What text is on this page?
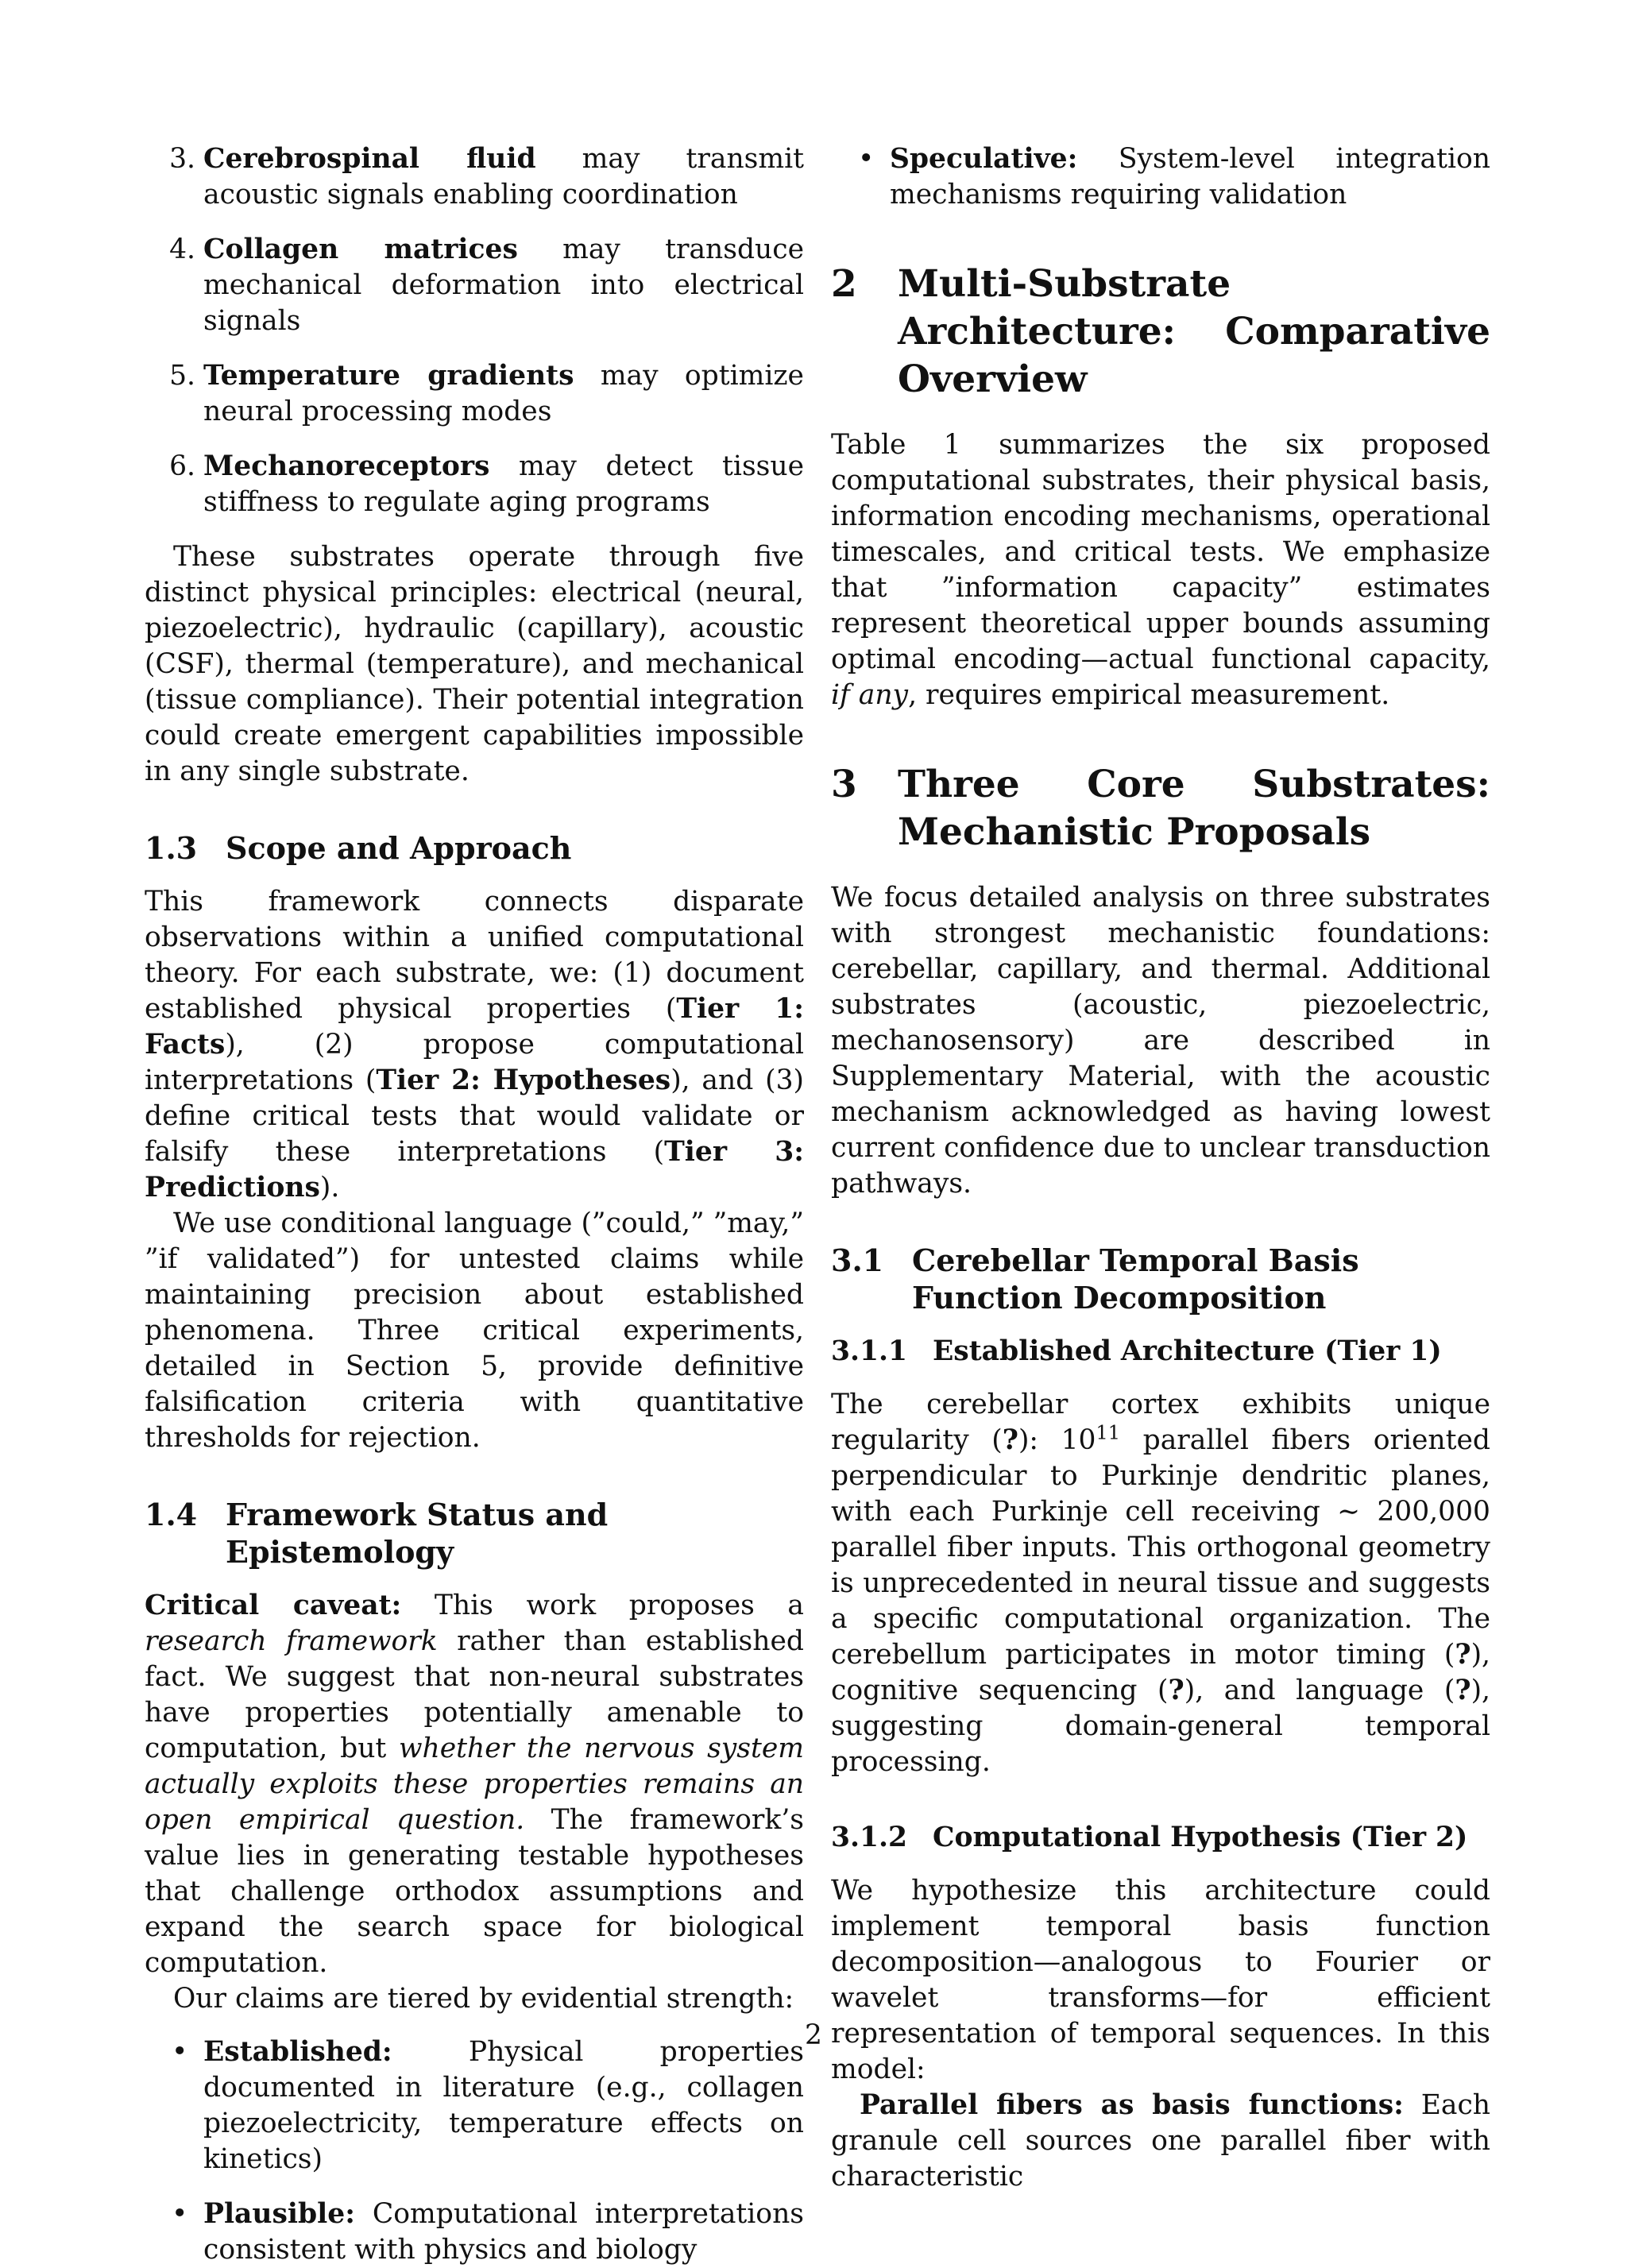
3. Cerebrospinal fluid may transmit acoustic signals enabling coordination
4. Collagen matrices may transduce mechanical deformation into electrical signals
5. Temperature gradients may optimize neural processing modes
6. Mechanoreceptors may detect tissue stiffness to regulate aging programs

These substrates operate through five distinct physical principles: electrical (neural, piezoelectric), hydraulic (capillary), acoustic (CSF), thermal (temperature), and mechanical (tissue compliance). Their potential integration could create emergent capabilities impossible in any single substrate.

1.3 Scope and Approach

This framework connects disparate observations within a unified computational theory. For each substrate, we: (1) document established physical properties (Tier 1: Facts), (2) propose computational interpretations (Tier 2: Hypotheses), and (3) define critical tests that would validate or falsify these interpretations (Tier 3: Predictions).

We use conditional language (”could,” ”may,” ”if validated”) for untested claims while maintaining precision about established phenomena. Three critical experiments, detailed in Section 5, provide definitive falsification criteria with quantitative thresholds for rejection.

1.4 Framework Status and Epistemology

Critical caveat: This work proposes a research framework rather than established fact. We suggest that non-neural substrates have properties potentially amenable to computation, but whether the nervous system actually exploits these properties remains an open empirical question. The framework’s value lies in generating testable hypotheses that challenge orthodox assumptions and expand the search space for biological computation.

Our claims are tiered by evidential strength:

• Established: Physical properties documented in literature (e.g., collagen piezoelectricity, temperature effects on kinetics)
• Plausible: Computational interpretations consistent with physics and biology
• Speculative: System-level integration mechanisms requiring validation
2	Multi-Substrate Architecture: Comparative Overview

Table 1 summarizes the six proposed computational substrates, their physical basis, information encoding mechanisms, operational timescales, and critical tests. We emphasize that ”information capacity” estimates represent theoretical upper bounds assuming optimal encoding—actual functional capacity, if any, requires empirical measurement.

3	Three Core Substrates: Mechanistic Proposals

We focus detailed analysis on three substrates with strongest mechanistic foundations: cerebellar, capillary, and thermal. Additional substrates (acoustic, piezoelectric, mechanosensory) are described in Supplementary Material, with the acoustic mechanism acknowledged as having lowest current confidence due to unclear transduction pathways.

3.1 Cerebellar Temporal Basis Function Decomposition
3.1.1 Established Architecture (Tier 1)

The cerebellar cortex exhibits unique regularity (?): $10^{11}$ parallel fibers oriented perpendicular to Purkinje dendritic planes, with each Purkinje cell receiving ∼ 200,000 parallel fiber inputs. This orthogonal geometry is unprecedented in neural tissue and suggests a specific computational organization. The cerebellum participates in motor timing (?), cognitive sequencing (?), and language (?), suggesting domain-general temporal processing.

3.1.2 Computational Hypothesis (Tier 2)

We hypothesize this architecture could implement temporal basis function decomposition—analogous to Fourier or wavelet transforms—for efficient representation of temporal sequences. In this model:

Parallel fibers as basis functions: Each granule cell sources one parallel fiber with characteristic

2
